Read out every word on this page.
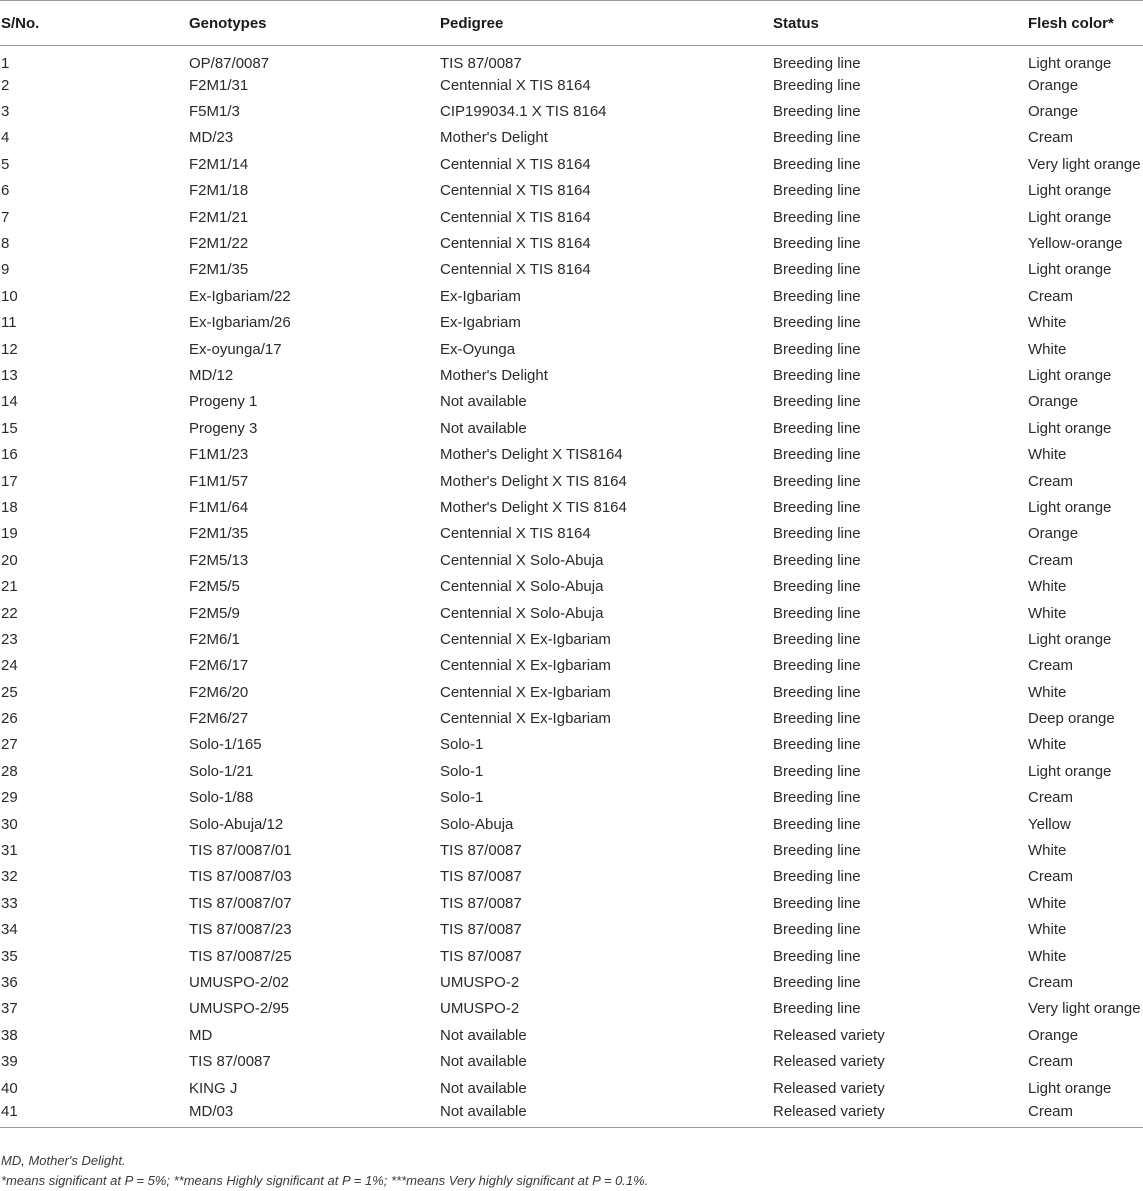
S/No.	Genotypes	Pedigree	Status	Flesh color*
1	OP/87/0087	TIS 87/0087	Breeding line	Light orange
2	F2M1/31	Centennial X TIS 8164	Breeding line	Orange
3	F5M1/3	CIP199034.1 X TIS 8164	Breeding line	Orange
4	MD/23	Mother's Delight	Breeding line	Cream
5	F2M1/14	Centennial X TIS 8164	Breeding line	Very light orange
6	F2M1/18	Centennial X TIS 8164	Breeding line	Light orange
7	F2M1/21	Centennial X TIS 8164	Breeding line	Light orange
8	F2M1/22	Centennial X TIS 8164	Breeding line	Yellow-orange
9	F2M1/35	Centennial X TIS 8164	Breeding line	Light orange
10	Ex-Igbariam/22	Ex-Igbariam	Breeding line	Cream
11	Ex-Igbariam/26	Ex-Igabriam	Breeding line	White
12	Ex-oyunga/17	Ex-Oyunga	Breeding line	White
13	MD/12	Mother's Delight	Breeding line	Light orange
14	Progeny 1	Not available	Breeding line	Orange
15	Progeny 3	Not available	Breeding line	Light orange
16	F1M1/23	Mother's Delight X TIS8164	Breeding line	White
17	F1M1/57	Mother's Delight X TIS 8164	Breeding line	Cream
18	F1M1/64	Mother's Delight X TIS 8164	Breeding line	Light orange
19	F2M1/35	Centennial X TIS 8164	Breeding line	Orange
20	F2M5/13	Centennial X Solo-Abuja	Breeding line	Cream
21	F2M5/5	Centennial X Solo-Abuja	Breeding line	White
22	F2M5/9	Centennial X Solo-Abuja	Breeding line	White
23	F2M6/1	Centennial X Ex-Igbariam	Breeding line	Light orange
24	F2M6/17	Centennial X Ex-Igbariam	Breeding line	Cream
25	F2M6/20	Centennial X Ex-Igbariam	Breeding line	White
26	F2M6/27	Centennial X Ex-Igbariam	Breeding line	Deep orange
27	Solo-1/165	Solo-1	Breeding line	White
28	Solo-1/21	Solo-1	Breeding line	Light orange
29	Solo-1/88	Solo-1	Breeding line	Cream
30	Solo-Abuja/12	Solo-Abuja	Breeding line	Yellow
31	TIS 87/0087/01	TIS 87/0087	Breeding line	White
32	TIS 87/0087/03	TIS 87/0087	Breeding line	Cream
33	TIS 87/0087/07	TIS 87/0087	Breeding line	White
34	TIS 87/0087/23	TIS 87/0087	Breeding line	White
35	TIS 87/0087/25	TIS 87/0087	Breeding line	White
36	UMUSPO-2/02	UMUSPO-2	Breeding line	Cream
37	UMUSPO-2/95	UMUSPO-2	Breeding line	Very light orange
38	MD	Not available	Released variety	Orange
39	TIS 87/0087	Not available	Released variety	Cream
40	KING J	Not available	Released variety	Light orange
41	MD/03	Not available	Released variety	Cream
MD, Mother's Delight.
*means significant at P = 5%; **means Highly significant at P = 1%; ***means Very highly significant at P = 0.1%.
